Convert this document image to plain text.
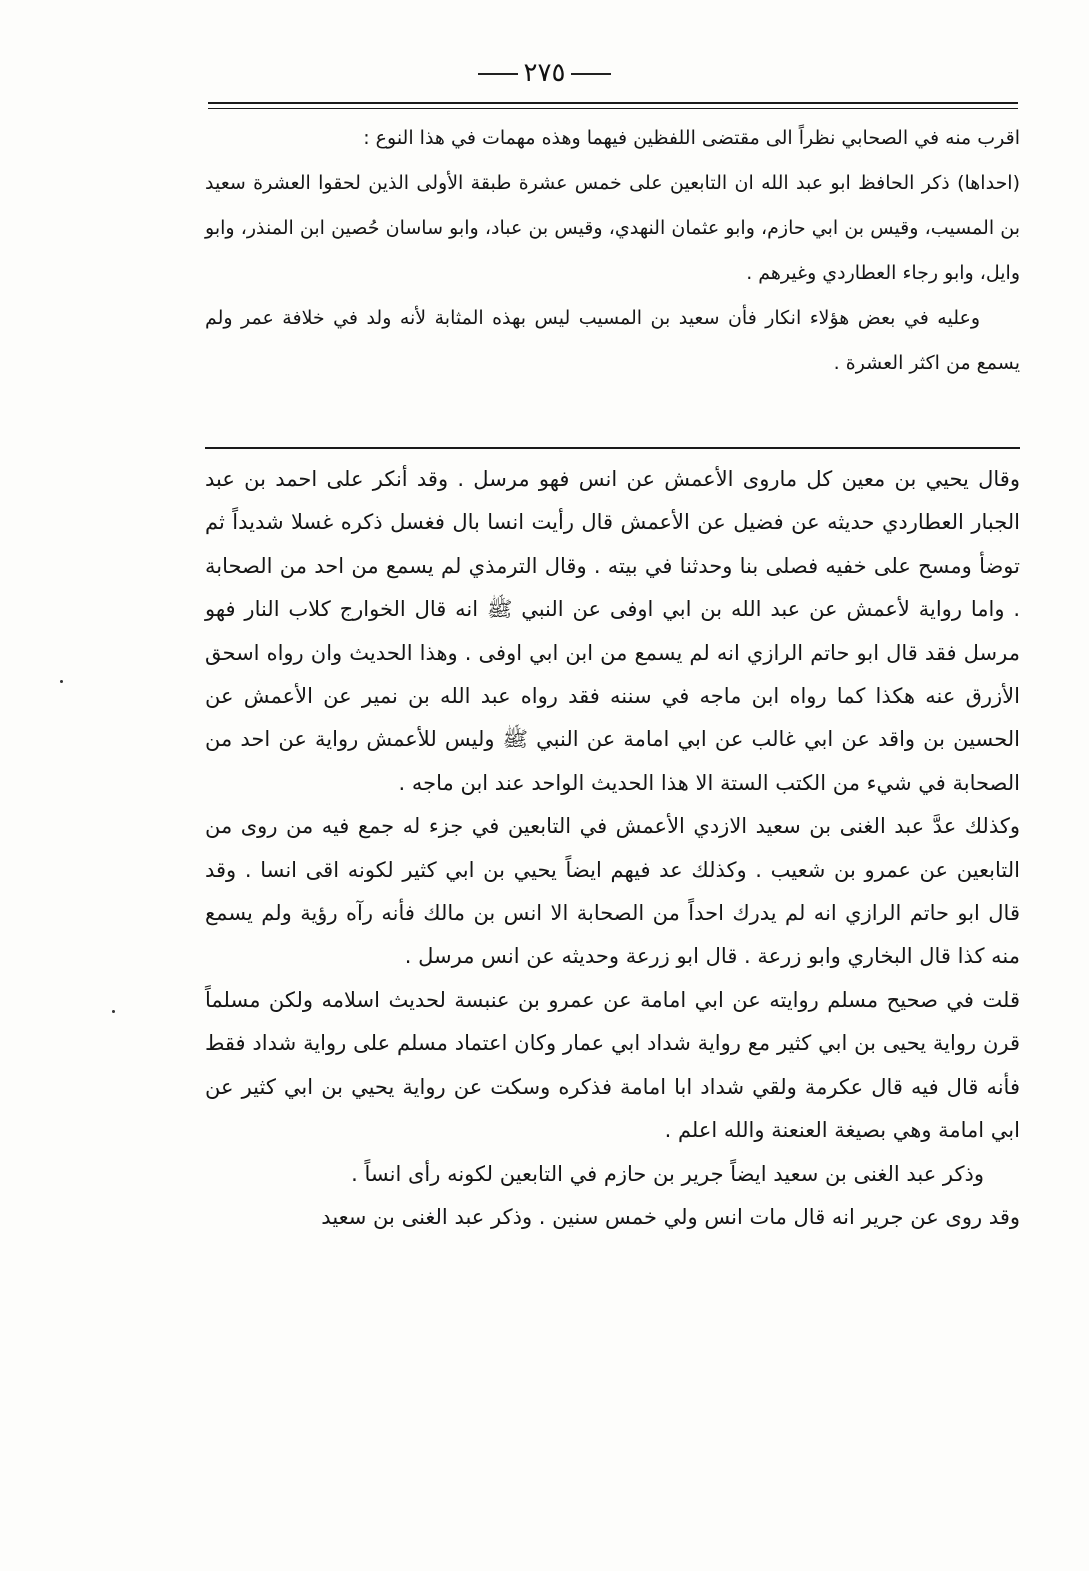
٢٧٥

اقرب منه في الصحابي نظراً الى مقتضى اللفظين فيهما وهذه مهمات في هذا النوع :

(احداها) ذكر الحافظ ابو عبد الله ان التابعين على خمس عشرة طبقة الأولى الذين لحقوا العشرة سعيد بن المسيب، وقيس بن ابي حازم، وابو عثمان النهدي، وقيس بن عباد، وابو ساسان حُصين ابن المنذر، وابو وايل، وابو رجاء العطاردي وغيرهم .

وعليه في بعض هؤلاء انكار فأن سعيد بن المسيب ليس بهذه المثابة لأنه ولد في خلافة عمر ولم يسمع من اكثر العشرة .

وقال يحيي بن معين كل ماروى الأعمش عن انس فهو مرسل . وقد أنكر على احمد بن عبد الجبار العطاردي حديثه عن فضيل عن الأعمش قال رأيت انسا بال فغسل ذكره غسلا شديداً ثم توضأ ومسح على خفيه فصلى بنا وحدثنا في بيته . وقال الترمذي لم يسمع من احد من الصحابة . واما رواية لأعمش عن عبد الله بن ابي اوفى عن النبي ﷺ انه قال الخوارج كلاب النار فهو مرسل فقد قال ابو حاتم الرازي انه لم يسمع من ابن ابي اوفى . وهذا الحديث وان رواه اسحق الأزرق عنه هكذا كما رواه ابن ماجه في سننه فقد رواه عبد الله بن نمير عن الأعمش عن الحسين بن واقد عن ابي غالب عن ابي امامة عن النبي ﷺ وليس للأعمش رواية عن احد من الصحابة في شيء من الكتب الستة الا هذا الحديث الواحد عند ابن ماجه .

وكذلك عدَّ عبد الغنى بن سعيد الازدي الأعمش في التابعين في جزء له جمع فيه من روى من التابعين عن عمرو بن شعيب . وكذلك عد فيهم ايضاً يحيي بن ابي كثير لكونه اقى انسا . وقد قال ابو حاتم الرازي انه لم يدرك احداً من الصحابة الا انس بن مالك فأنه رآه رؤية ولم يسمع منه كذا قال البخاري وابو زرعة . قال ابو زرعة وحديثه عن انس مرسل .

قلت في صحيح مسلم روايته عن ابي امامة عن عمرو بن عنبسة لحديث اسلامه ولكن مسلماً قرن رواية يحيى بن ابي كثير مع رواية شداد ابي عمار وكان اعتماد مسلم على رواية شداد فقط فأنه قال فيه قال عكرمة ولقي شداد ابا امامة فذكره وسكت عن رواية يحيي بن ابي كثير عن ابي امامة وهي بصيغة العنعنة والله اعلم .

وذكر عبد الغنى بن سعيد ايضاً جرير بن حازم في التابعين لكونه رأى انساً .

وقد روى عن جرير انه قال مات انس ولي خمس سنين . وذكر عبد الغنى بن سعيد
